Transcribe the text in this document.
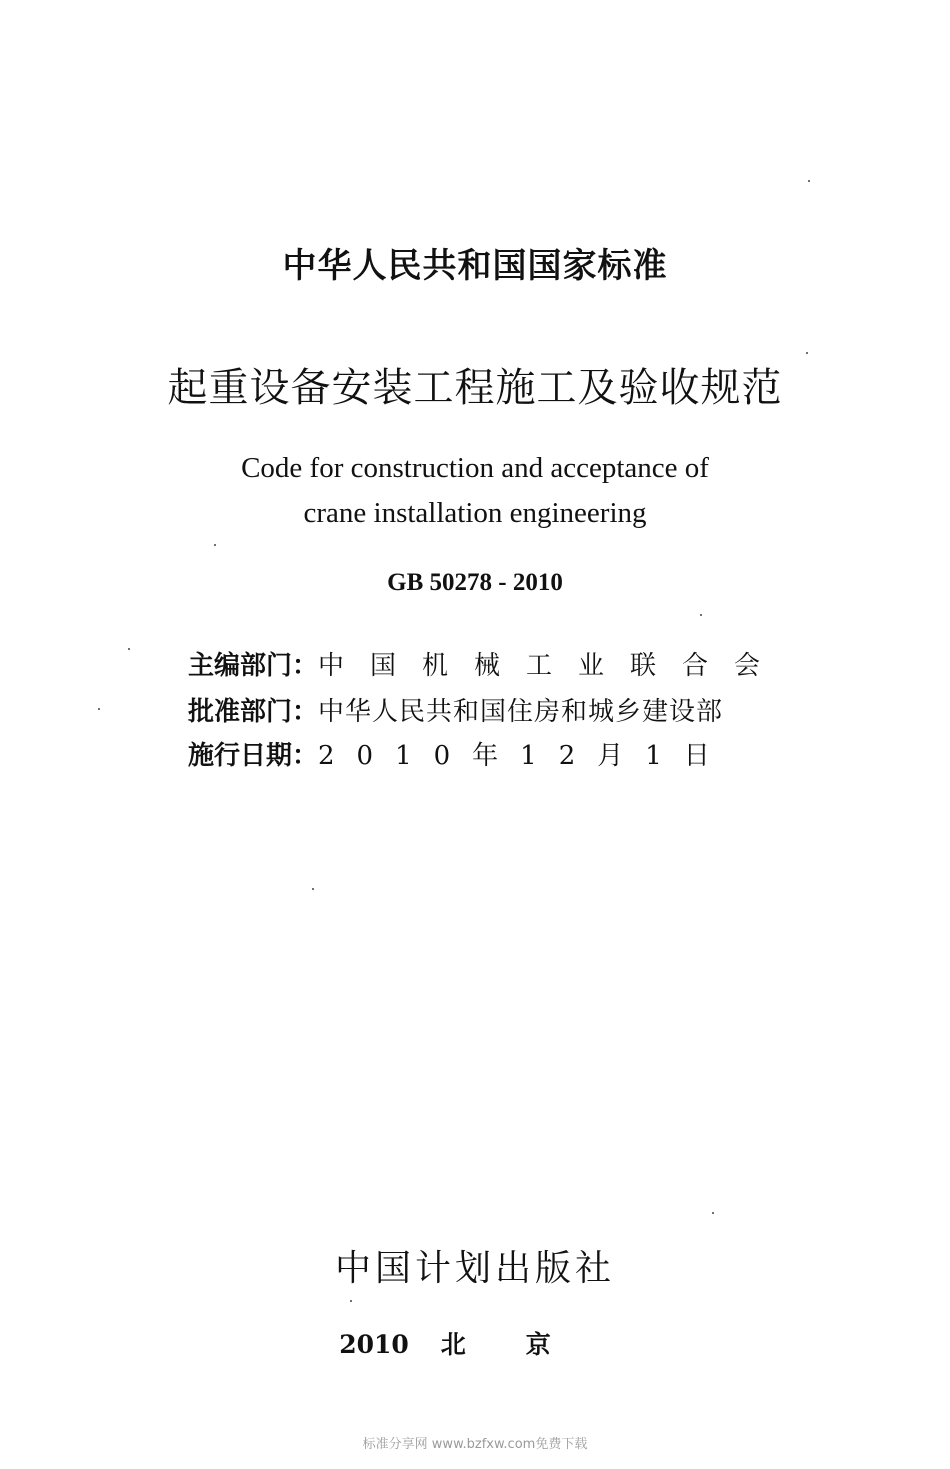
中华人民共和国国家标准
起重设备安装工程施工及验收规范
Code for construction and acceptance of
crane installation engineering
GB 50278 - 2010
主编部门： 中国机械工业联合会
批准部门： 中华人民共和国住房和城乡建设部
施行日期： 2010年12月1日
中国计划出版社
2010 北京
标准分享网 www.bzfxw.com免费下载
